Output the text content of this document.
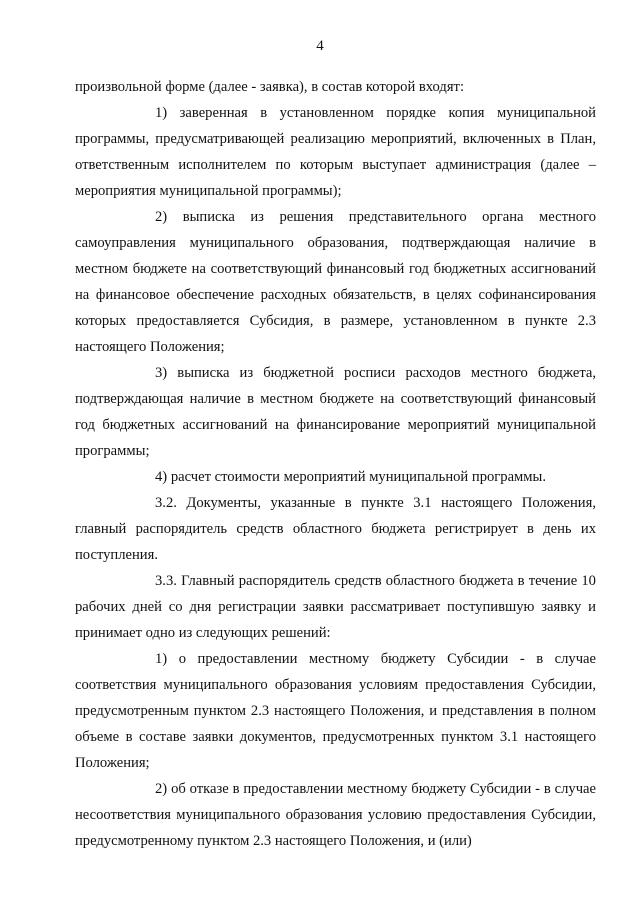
4

произвольной форме (далее - заявка), в состав которой входят:

1) заверенная в установленном порядке копия муниципальной программы, предусматривающей реализацию мероприятий, включенных в План, ответственным исполнителем по которым выступает администрация (далее – мероприятия муниципальной программы);

2) выписка из решения представительного органа местного самоуправления муниципального образования, подтверждающая наличие в местном бюджете на соответствующий финансовый год бюджетных ассигнований на финансовое обеспечение расходных обязательств, в целях софинансирования которых предоставляется Субсидия, в размере, установленном в пункте 2.3 настоящего Положения;

3) выписка из бюджетной росписи расходов местного бюджета, подтверждающая наличие в местном бюджете на соответствующий финансовый год бюджетных ассигнований на финансирование мероприятий муниципальной программы;

4) расчет стоимости мероприятий муниципальной программы.

3.2. Документы, указанные в пункте 3.1 настоящего Положения, главный распорядитель средств областного бюджета регистрирует в день их поступления.

3.3. Главный распорядитель средств областного бюджета в течение 10 рабочих дней со дня регистрации заявки рассматривает поступившую заявку и принимает одно из следующих решений:

1) о предоставлении местному бюджету Субсидии - в случае соответствия муниципального образования условиям предоставления Субсидии, предусмотренным пунктом 2.3 настоящего Положения, и представления в полном объеме в составе заявки документов, предусмотренных пунктом 3.1 настоящего Положения;

2) об отказе в предоставлении местному бюджету Субсидии - в случае несоответствия муниципального образования условию предоставления Субсидии, предусмотренному пунктом 2.3 настоящего Положения, и (или)
